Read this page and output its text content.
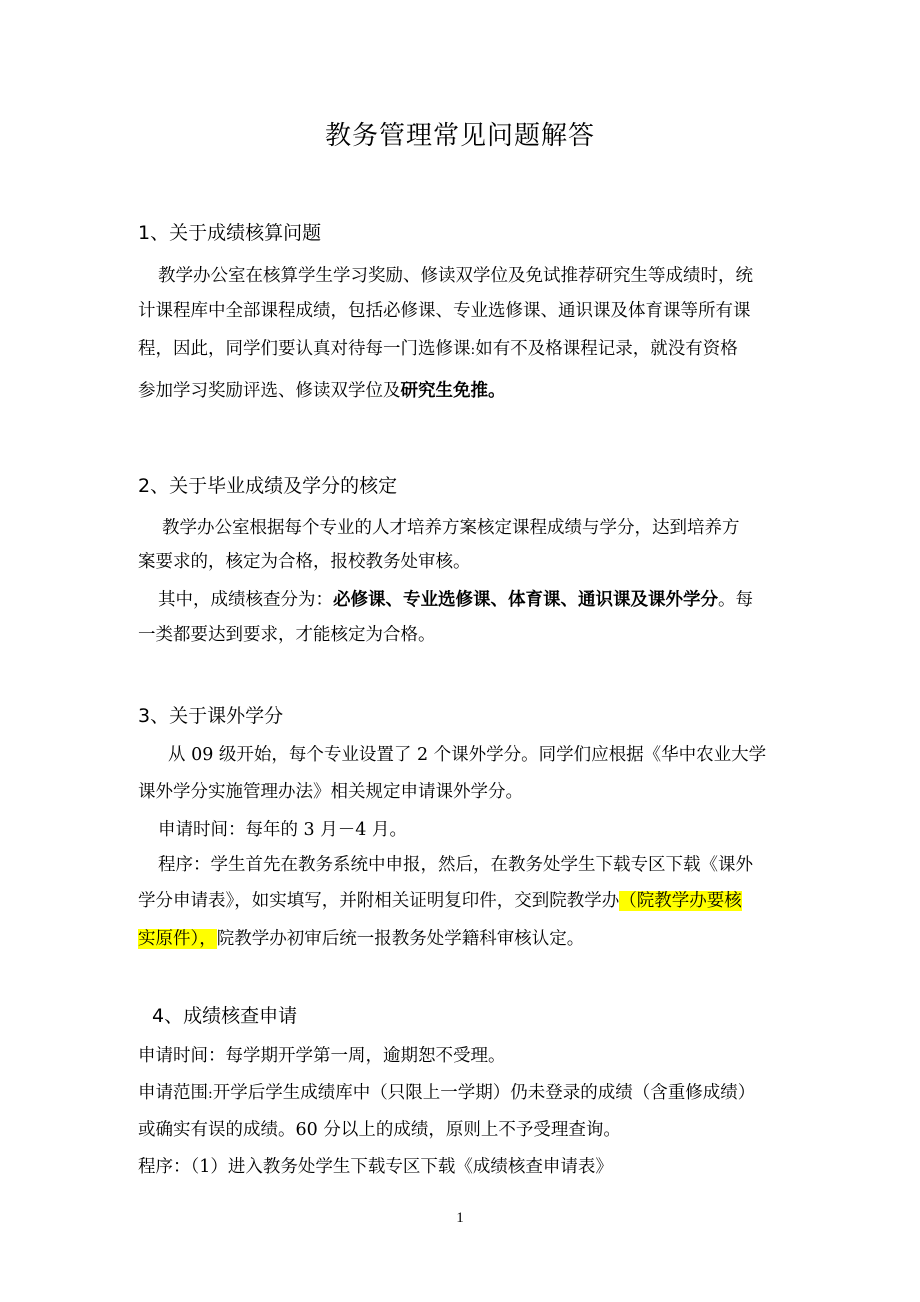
教务管理常见问题解答
1、关于成绩核算问题
教学办公室在核算学生学习奖励、修读双学位及免试推荐研究生等成绩时，统
计课程库中全部课程成绩，包括必修课、专业选修课、通识课及体育课等所有课
程，因此，同学们要认真对待每一门选修课:如有不及格课程记录，就没有资格
参加学习奖励评选、修读双学位及研究生免推。
2、关于毕业成绩及学分的核定
教学办公室根据每个专业的人才培养方案核定课程成绩与学分，达到培养方
案要求的，核定为合格，报校教务处审核。
其中，成绩核查分为：必修课、专业选修课、体育课、通识课及课外学分。每
一类都要达到要求，才能核定为合格。
3、关于课外学分
从 09 级开始，每个专业设置了 2 个课外学分。同学们应根据《华中农业大学
课外学分实施管理办法》相关规定申请课外学分。
申请时间：每年的 3 月－4 月。
程序：学生首先在教务系统中申报，然后，在教务处学生下载专区下载《课外
学分申请表》，如实填写，并附相关证明复印件，交到院教学办（院教学办要核
实原件），院教学办初审后统一报教务处学籍科审核认定。
4、成绩核查申请
申请时间：每学期开学第一周，逾期恕不受理。
申请范围:开学后学生成绩库中（只限上一学期）仍未登录的成绩（含重修成绩）
或确实有误的成绩。60 分以上的成绩，原则上不予受理查询。
程序：（1）进入教务处学生下载专区下载《成绩核查申请表》
1
